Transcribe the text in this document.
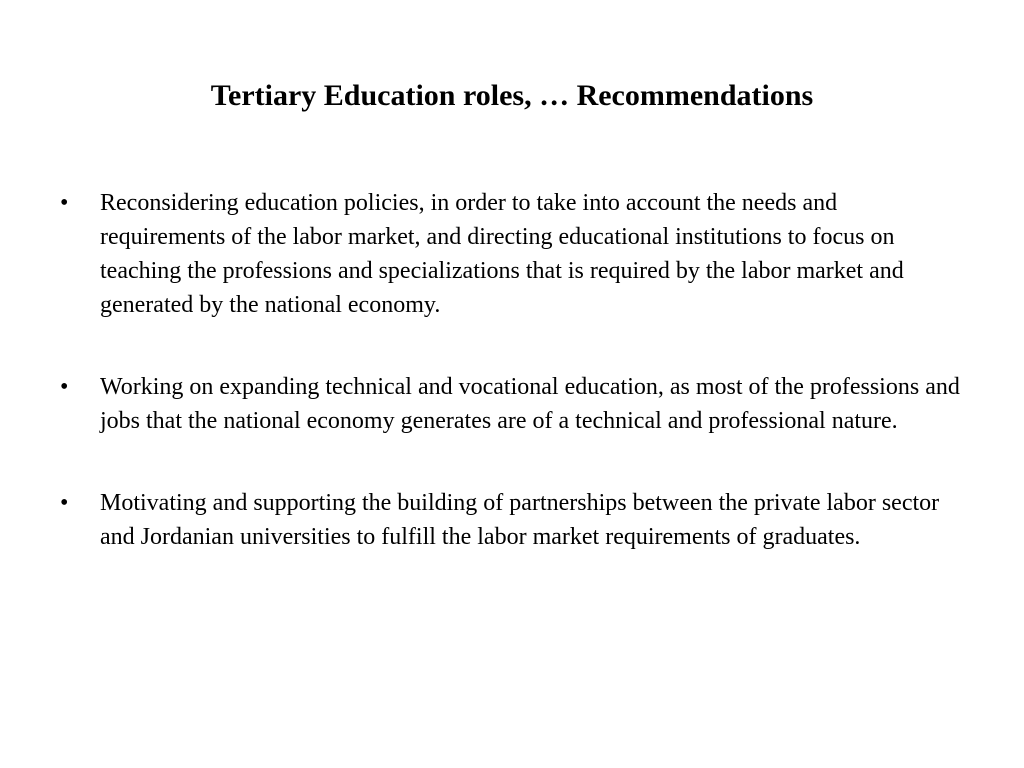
Tertiary Education roles, … Recommendations
• Reconsidering education policies, in order to take into account the needs and requirements of the labor market, and directing educational institutions to focus on teaching the professions and specializations that is required by the labor market and generated by the national economy.
• Working on expanding technical and vocational education, as most of the professions and jobs that the national economy generates are of a technical and professional nature.
• Motivating and supporting the building of partnerships between the private labor sector and Jordanian universities to fulfill the labor market requirements of graduates.
